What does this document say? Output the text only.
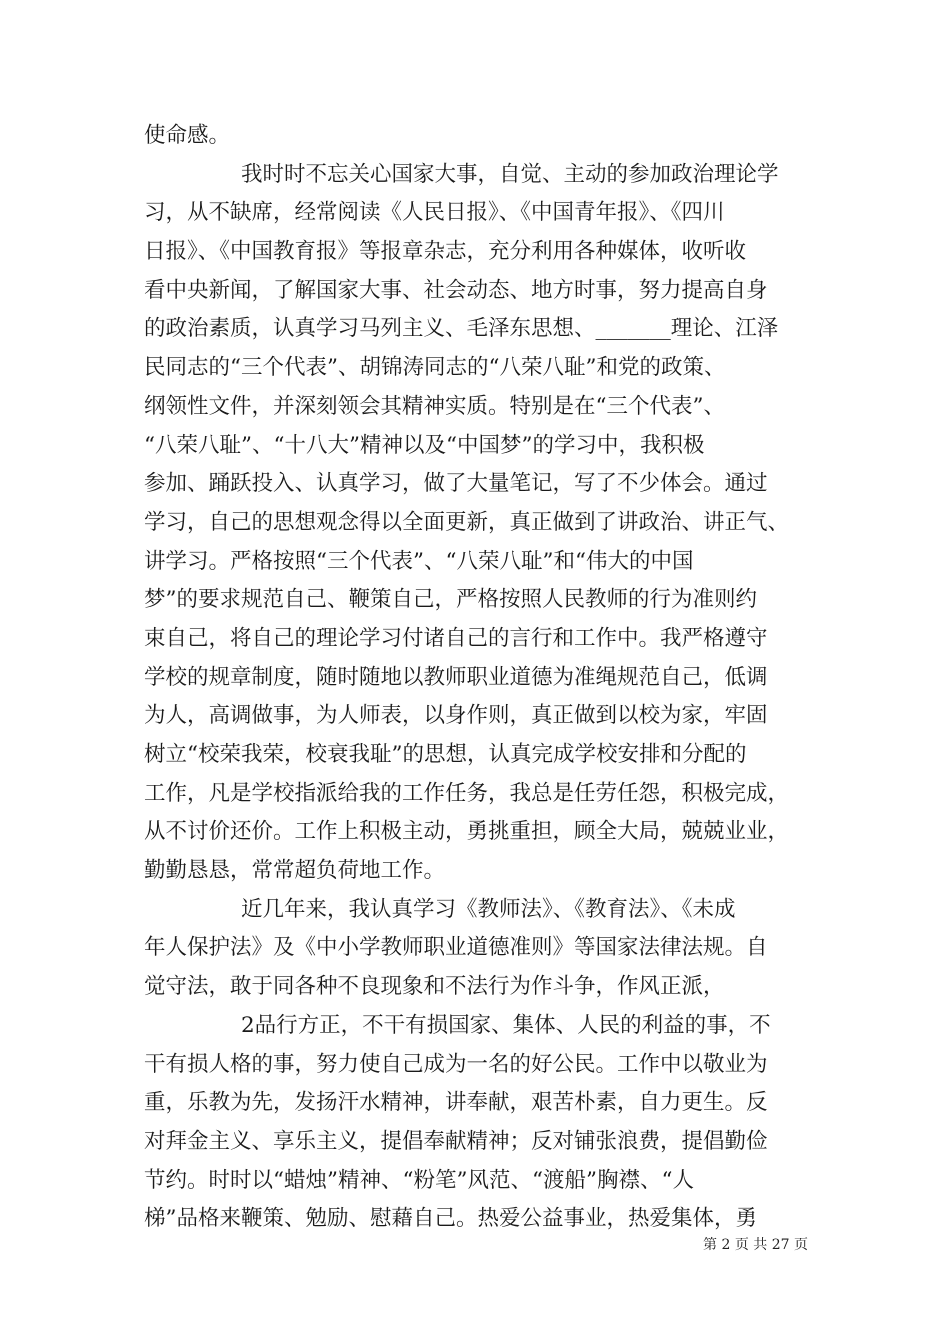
使命感。
我时时不忘关心国家大事，自觉、主动的参加政治理论学
习，从不缺席，经常阅读《人民日报》、《中国青年报》、《四川
日报》、《中国教育报》等报章杂志，充分利用各种媒体，收听收
看中央新闻，了解国家大事、社会动态、地方时事，努力提高自身
的政治素质，认真学习马列主义、毛泽东思想、_______理论、江泽
民同志的“三个代表”、胡锦涛同志的“八荣八耻”和党的政策、
纲领性文件，并深刻领会其精神实质。特别是在“三个代表”、
“八荣八耻”、“十八大”精神以及“中国梦”的学习中，我积极
参加、踊跃投入、认真学习，做了大量笔记，写了不少体会。通过
学习，自己的思想观念得以全面更新，真正做到了讲政治、讲正气、
讲学习。严格按照“三个代表”、“八荣八耻”和“伟大的中国
梦”的要求规范自己、鞭策自己，严格按照人民教师的行为准则约
束自己，将自己的理论学习付诸自己的言行和工作中。我严格遵守
学校的规章制度，随时随地以教师职业道德为准绳规范自己，低调
为人，高调做事，为人师表，以身作则，真正做到以校为家，牢固
树立“校荣我荣，校衰我耻”的思想，认真完成学校安排和分配的
工作，凡是学校指派给我的工作任务，我总是任劳任怨，积极完成，
从不讨价还价。工作上积极主动，勇挑重担，顾全大局，兢兢业业，
勤勤恳恳，常常超负荷地工作。
近几年来，我认真学习《教师法》、《教育法》、《未成
年人保护法》及《中小学教师职业道德准则》等国家法律法规。自
觉守法，敢于同各种不良现象和不法行为作斗争，作风正派，
2品行方正，不干有损国家、集体、人民的利益的事，不
干有损人格的事，努力使自己成为一名的好公民。工作中以敬业为
重，乐教为先，发扬汗水精神，讲奉献，艰苦朴素，自力更生。反
对拜金主义、享乐主义，提倡奉献精神；反对铺张浪费，提倡勤俭
节约。时时以“蜡烛”精神、“粉笔”风范、“渡船”胸襟、“人
梯”品格来鞭策、勉励、慰藉自己。热爱公益事业，热爱集体，勇
第 2 页 共 27 页
